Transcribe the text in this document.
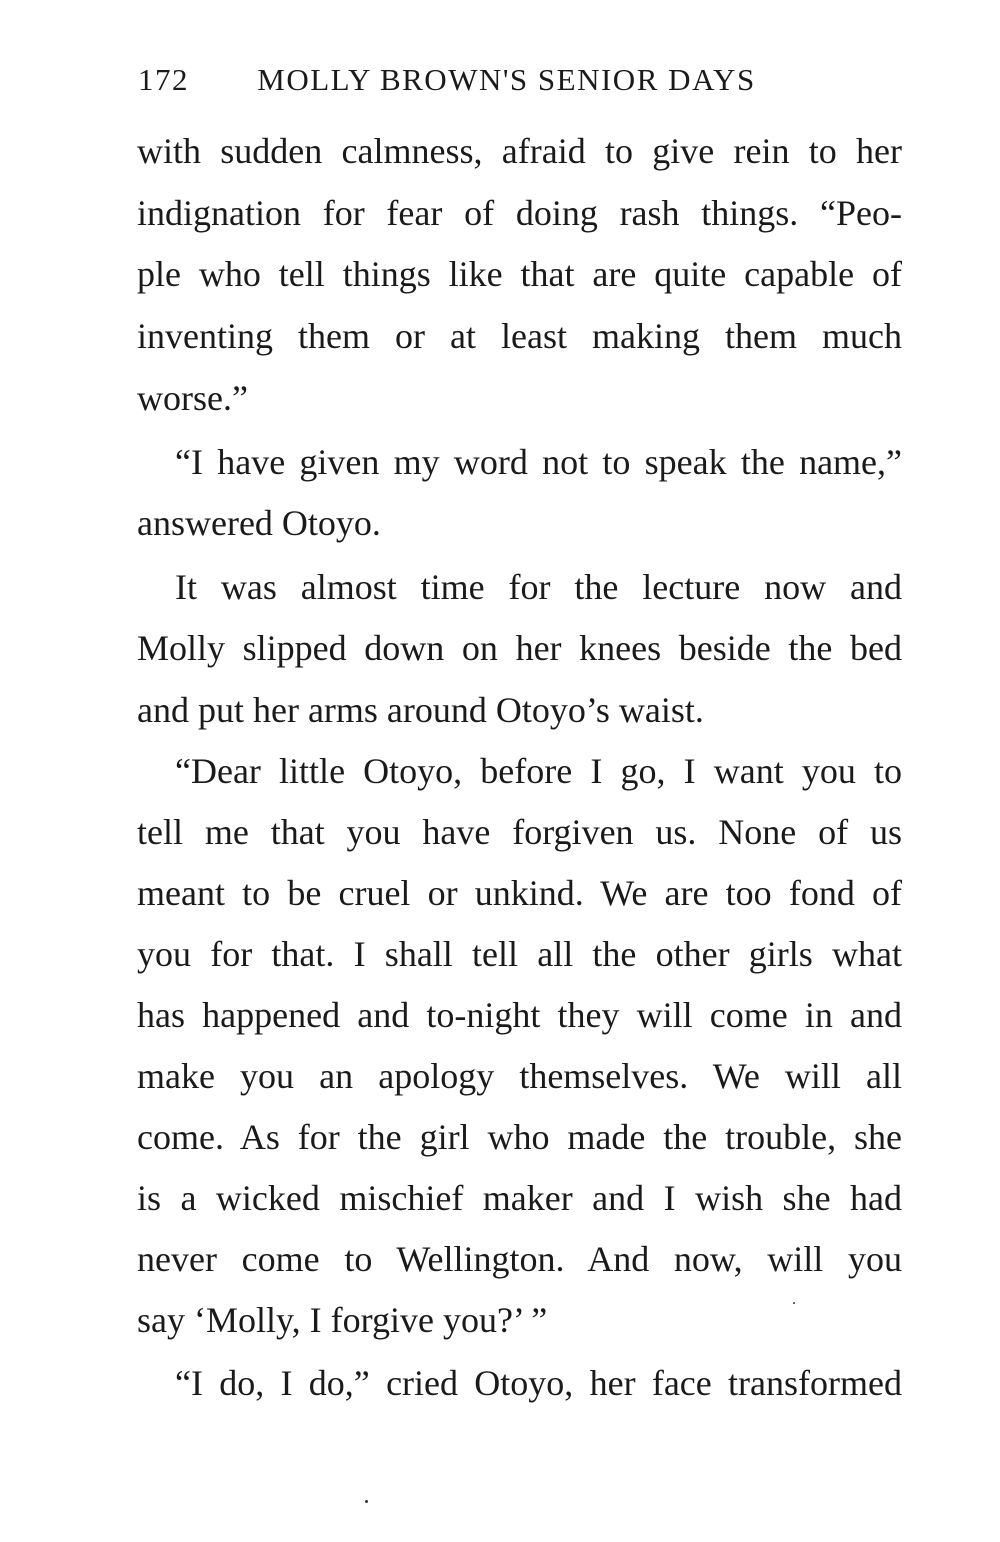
172 MOLLY BROWN'S SENIOR DAYS
with sudden calmness, afraid to give rein to her
indignation for fear of doing rash things. “Peo-
ple who tell things like that are quite capable of
inventing them or at least making them much
worse.”
“I have given my word not to speak the name,”
answered Otoyo.
It was almost time for the lecture now and
Molly slipped down on her knees beside the bed
and put her arms around Otoyo’s waist.
“Dear little Otoyo, before I go, I want you to
tell me that you have forgiven us. None of us
meant to be cruel or unkind. We are too fond of
you for that. I shall tell all the other girls what
has happened and to-night they will come in and
make you an apology themselves. We will all
come. As for the girl who made the trouble, she
is a wicked mischief maker and I wish she had
never come to Wellington. And now, will you
say ‘Molly, I forgive you?’ ”
“I do, I do,” cried Otoyo, her face transformed
